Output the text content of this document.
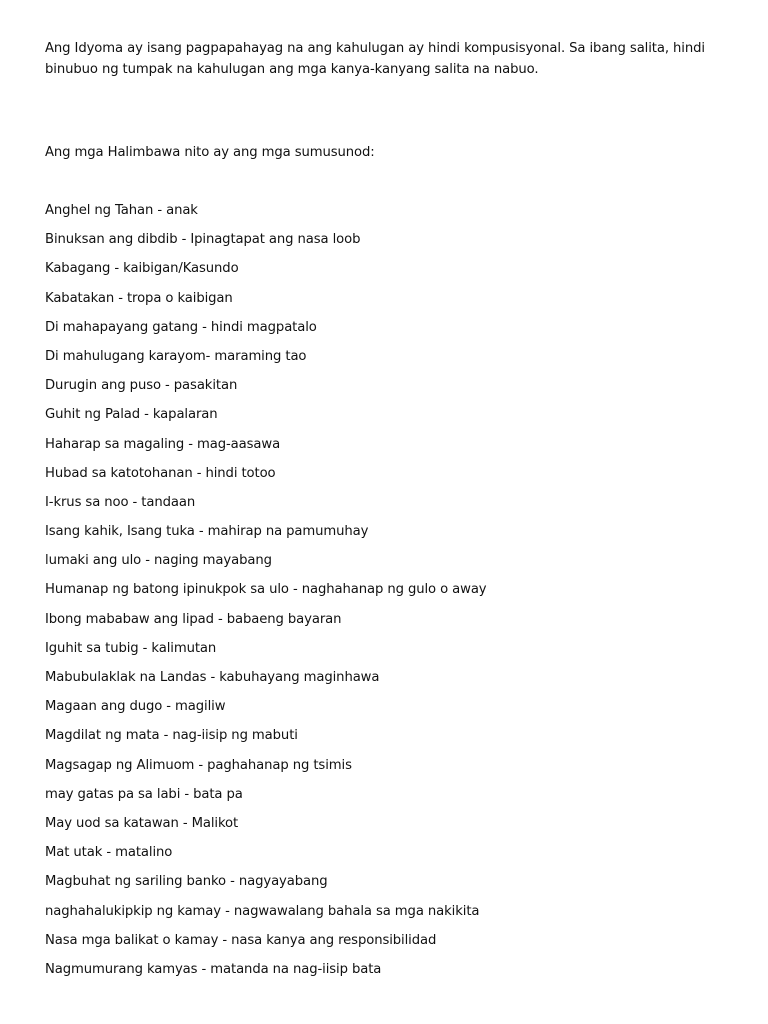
Ang Idyoma ay isang pagpapahayag na ang kahulugan ay hindi kompusisyonal. Sa ibang salita, hindi binubuo ng tumpak na kahulugan ang mga kanya-kanyang salita na nabuo.

Ang mga Halimbawa nito ay ang mga sumusunod:

Anghel ng Tahan - anak
Binuksan ang dibdib - Ipinagtapat ang nasa loob
Kabagang - kaibigan/Kasundo
Kabatakan - tropa o kaibigan
Di mahapayang gatang - hindi magpatalo
Di mahulugang karayom- maraming tao
Durugin ang puso - pasakitan
Guhit ng Palad - kapalaran
Haharap sa magaling - mag-aasawa
Hubad sa katotohanan - hindi totoo
I-krus sa noo - tandaan
Isang kahik, Isang tuka - mahirap na pamumuhay
lumaki ang ulo - naging mayabang
Humanap ng batong ipinukpok sa ulo - naghahanap ng gulo o away
Ibong mababaw ang lipad - babaeng bayaran
Iguhit sa tubig - kalimutan
Mabubulaklak na Landas - kabuhayang maginhawa
Magaan ang dugo - magiliw
Magdilat ng mata - nag-iisip ng mabuti
Magsagap ng Alimuom - paghahanap ng tsimis
may gatas pa sa labi - bata pa
May uod sa katawan - Malikot
Mat utak - matalino
Magbuhat ng sariling banko - nagyayabang
naghahalukipkip ng kamay - nagwawalang bahala sa mga nakikita
Nasa mga balikat o kamay - nasa kanya ang responsibilidad
Nagmumurang kamyas - matanda na nag-iisip bata
